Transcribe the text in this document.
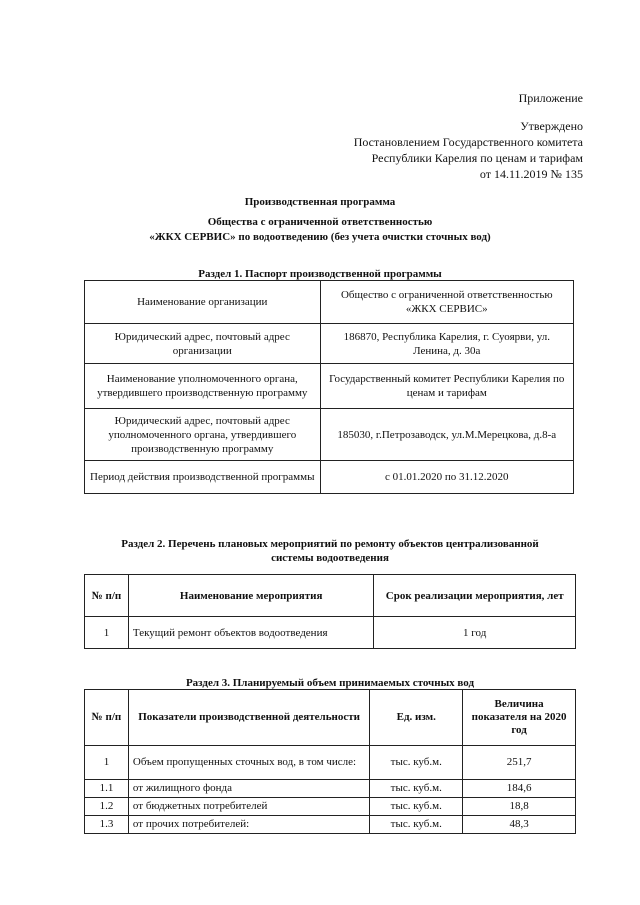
Приложение
Утверждено
Постановлением Государственного комитета
Республики Карелия по ценам и тарифам
от 14.11.2019 № 135
Производственная программа
Общества с ограниченной ответственностью
«ЖКХ СЕРВИС» по водоотведению (без учета очистки сточных вод)
Раздел 1. Паспорт производственной программы
Наименование организации	Общество с ограниченной ответственностью «ЖКХ СЕРВИС»
Юридический адрес, почтовый адрес организации	186870, Республика Карелия, г. Суоярви, ул. Ленина, д. 30а
Наименование уполномоченного органа, утвердившего производственную программу	Государственный комитет Республики Карелия по ценам и тарифам
Юридический адрес, почтовый адрес уполномоченного органа, утвердившего производственную программу	185030, г.Петрозаводск, ул.М.Мерецкова, д.8-а
Период действия производственной программы	с 01.01.2020 по 31.12.2020
Раздел 2. Перечень плановых мероприятий по ремонту объектов централизованной
системы водоотведения
№ п/п	Наименование мероприятия	Срок реализации мероприятия, лет
1	Текущий ремонт объектов водоотведения	1 год
Раздел 3. Планируемый объем принимаемых сточных вод
№ п/п	Показатели производственной деятельности	Ед. изм.	Величина показателя на 2020 год
1	Объем пропущенных сточных вод, в том числе:	тыс. куб.м.	251,7
1.1	от жилищного фонда	тыс. куб.м.	184,6
1.2	от бюджетных потребителей	тыс. куб.м.	18,8
1.3	от прочих потребителей:	тыс. куб.м.	48,3
